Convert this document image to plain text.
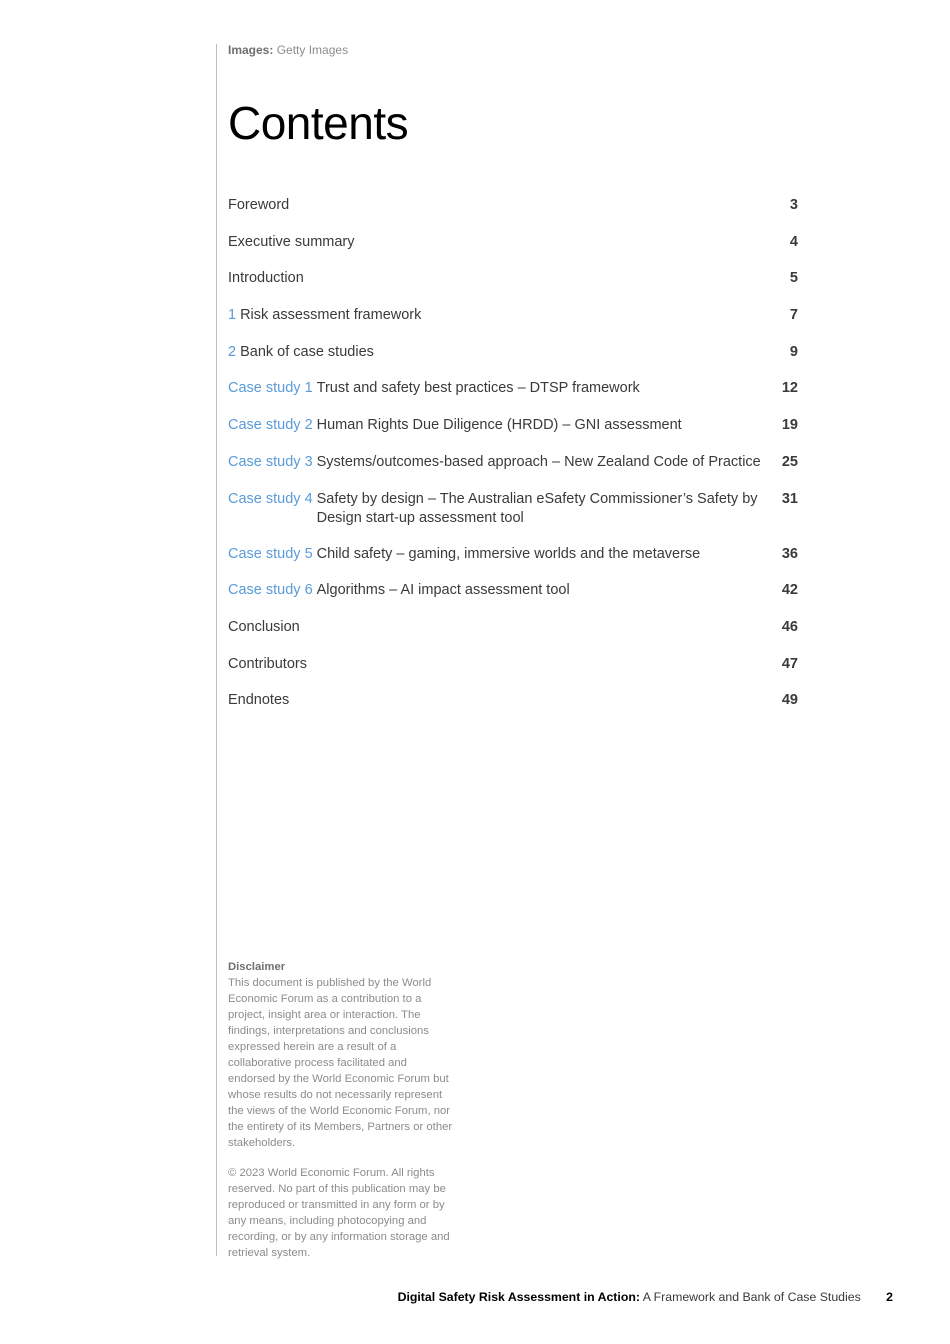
Images: Getty Images
Contents
Foreword	3
Executive summary	4
Introduction	5
1 Risk assessment framework	7
2 Bank of case studies	9
Case study 1 Trust and safety best practices – DTSP framework	12
Case study 2 Human Rights Due Diligence (HRDD) – GNI assessment	19
Case study 3 Systems/outcomes-based approach – New Zealand Code of Practice 25
Case study 4 Safety by design – The Australian eSafety Commissioner’s Safety by Design start-up assessment tool
31
Case study 5 Child safety – gaming, immersive worlds and the metaverse	36
Case study 6 Algorithms – AI impact assessment tool	42
Conclusion	46
Contributors	47
Endnotes	49
Disclaimer

This document is published by the World Economic Forum as a contribution to a project, insight area or interaction. The findings, interpretations and conclusions expressed herein are a result of a collaborative process facilitated and endorsed by the World Economic Forum but whose results do not necessarily represent the views of the World Economic Forum, nor the entirety of its Members, Partners or other stakeholders.

© 2023 World Economic Forum. All rights reserved. No part of this publication may be reproduced or transmitted in any form or by any means, including photocopying and recording, or by any information storage and retrieval system.

Digital Safety Risk Assessment in Action: A Framework and Bank of Case Studies 2
